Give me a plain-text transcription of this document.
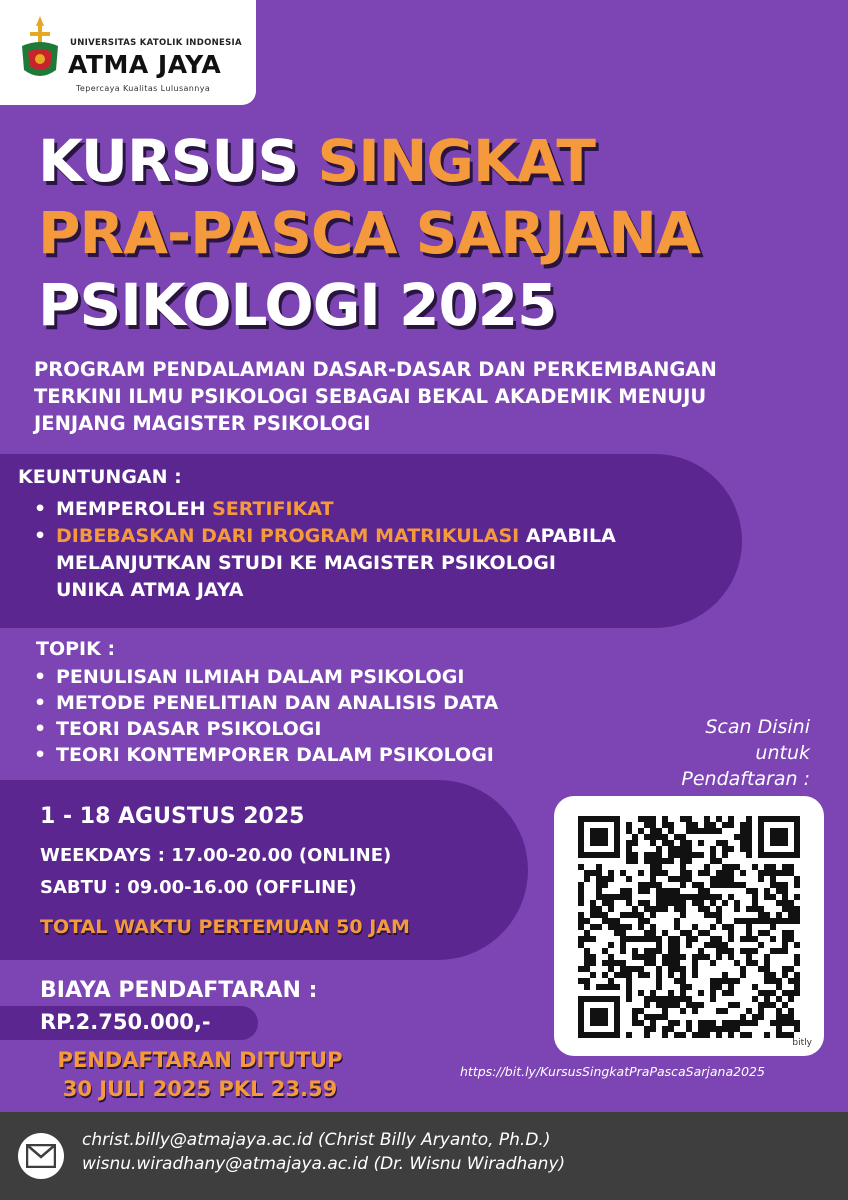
UNIVERSITAS KATOLIK INDONESIA
ATMA JAYA
Tepercaya Kualitas Lulusannya
KURSUS SINGKAT
PRA-PASCA SARJANA
PSIKOLOGI 2025
PROGRAM PENDALAMAN DASAR-DASAR DAN PERKEMBANGAN
TERKINI ILMU PSIKOLOGI SEBAGAI BEKAL AKADEMIK MENUJU
JENJANG MAGISTER PSIKOLOGI
KEUNTUNGAN :
• MEMPEROLEH SERTIFIKAT
• DIBEBASKAN DARI PROGRAM MATRIKULASI APABILA
MELANJUTKAN STUDI KE MAGISTER PSIKOLOGI
UNIKA ATMA JAYA
TOPIK :
• PENULISAN ILMIAH DALAM PSIKOLOGI
• METODE PENELITIAN DAN ANALISIS DATA
• TEORI DASAR PSIKOLOGI
• TEORI KONTEMPORER DALAM PSIKOLOGI
1 - 18 AGUSTUS 2025
WEEKDAYS : 17.00-20.00 (ONLINE)
SABTU : 09.00-16.00 (OFFLINE)
TOTAL WAKTU PERTEMUAN 50 JAM
BIAYA PENDAFTARAN :
RP.2.750.000,-
PENDAFTARAN DITUTUP
30 JULI 2025 PKL 23.59
Scan Disini
untuk
Pendaftaran :
bitly
https://bit.ly/KursusSingkatPraPascaSarjana2025
christ.billy@atmajaya.ac.id (Christ Billy Aryanto, Ph.D.)
wisnu.wiradhany@atmajaya.ac.id (Dr. Wisnu Wiradhany)
